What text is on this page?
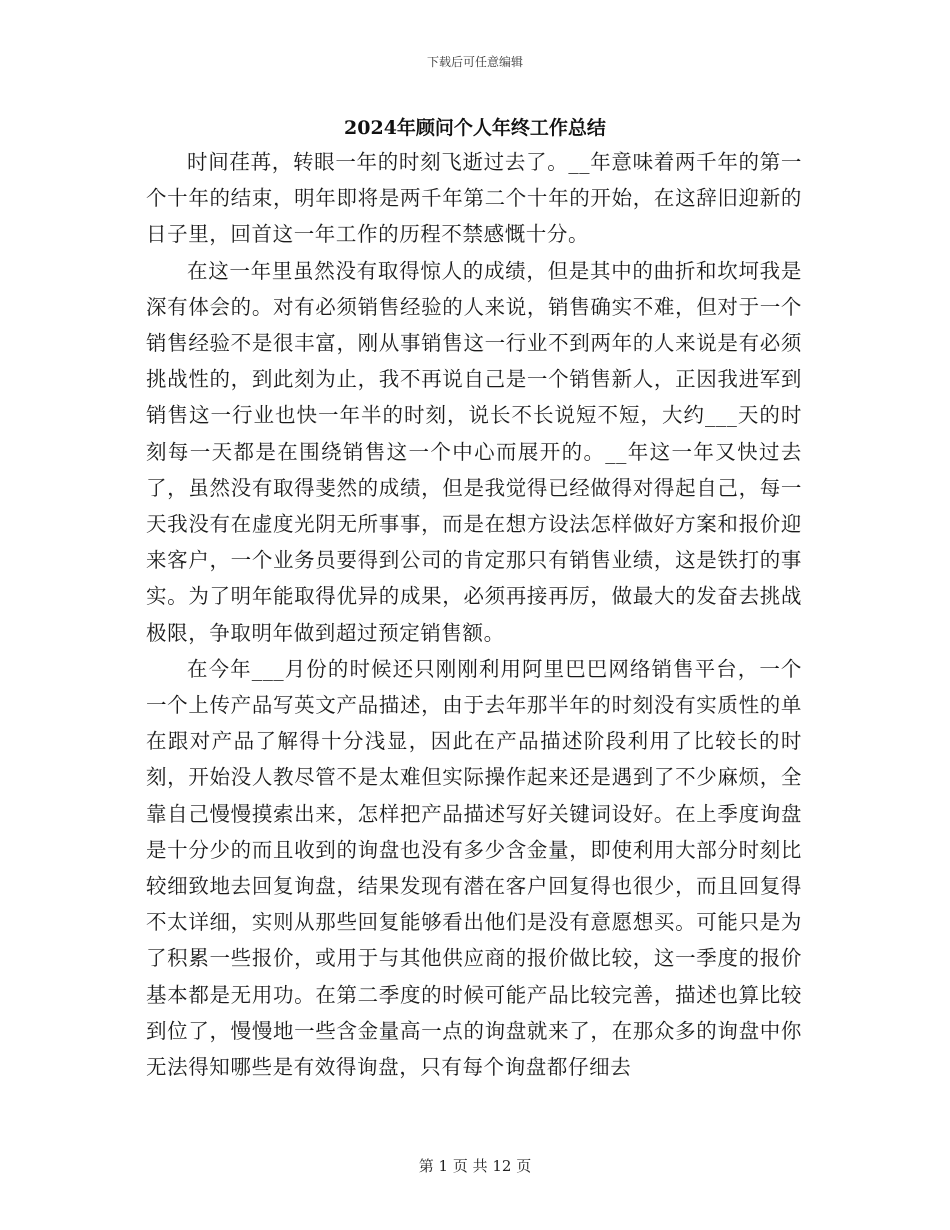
下载后可任意编辑
2024年顾问个人年终工作总结

时间荏苒，转眼一年的时刻飞逝过去了。__年意味着两千年的第一个十年的结束，明年即将是两千年第二个十年的开始，在这辞旧迎新的日子里，回首这一年工作的历程不禁感慨十分。

在这一年里虽然没有取得惊人的成绩，但是其中的曲折和坎坷我是深有体会的。对有必须销售经验的人来说，销售确实不难，但对于一个销售经验不是很丰富，刚从事销售这一行业不到两年的人来说是有必须挑战性的，到此刻为止，我不再说自己是一个销售新人，正因我进军到销售这一行业也快一年半的时刻，说长不长说短不短，大约___天的时刻每一天都是在围绕销售这一个中心而展开的。__年这一年又快过去了，虽然没有取得斐然的成绩，但是我觉得已经做得对得起自己，每一天我没有在虚度光阴无所事事，而是在想方设法怎样做好方案和报价迎来客户，一个业务员要得到公司的肯定那只有销售业绩，这是铁打的事实。为了明年能取得优异的成果，必须再接再厉，做最大的发奋去挑战极限，争取明年做到超过预定销售额。

在今年___月份的时候还只刚刚利用阿里巴巴网络销售平台，一个一个上传产品写英文产品描述，由于去年那半年的时刻没有实质性的单在跟对产品了解得十分浅显，因此在产品描述阶段利用了比较长的时刻，开始没人教尽管不是太难但实际操作起来还是遇到了不少麻烦，全靠自己慢慢摸索出来，怎样把产品描述写好关键词设好。在上季度询盘是十分少的而且收到的询盘也没有多少含金量，即使利用大部分时刻比较细致地去回复询盘，结果发现有潜在客户回复得也很少，而且回复得不太详细，实则从那些回复能够看出他们是没有意愿想买。可能只是为了积累一些报价，或用于与其他供应商的报价做比较，这一季度的报价基本都是无用功。在第二季度的时候可能产品比较完善，描述也算比较到位了，慢慢地一些含金量高一点的询盘就来了，在那众多的询盘中你无法得知哪些是有效得询盘，只有每个询盘都仔细去

第 1 页 共 12 页
